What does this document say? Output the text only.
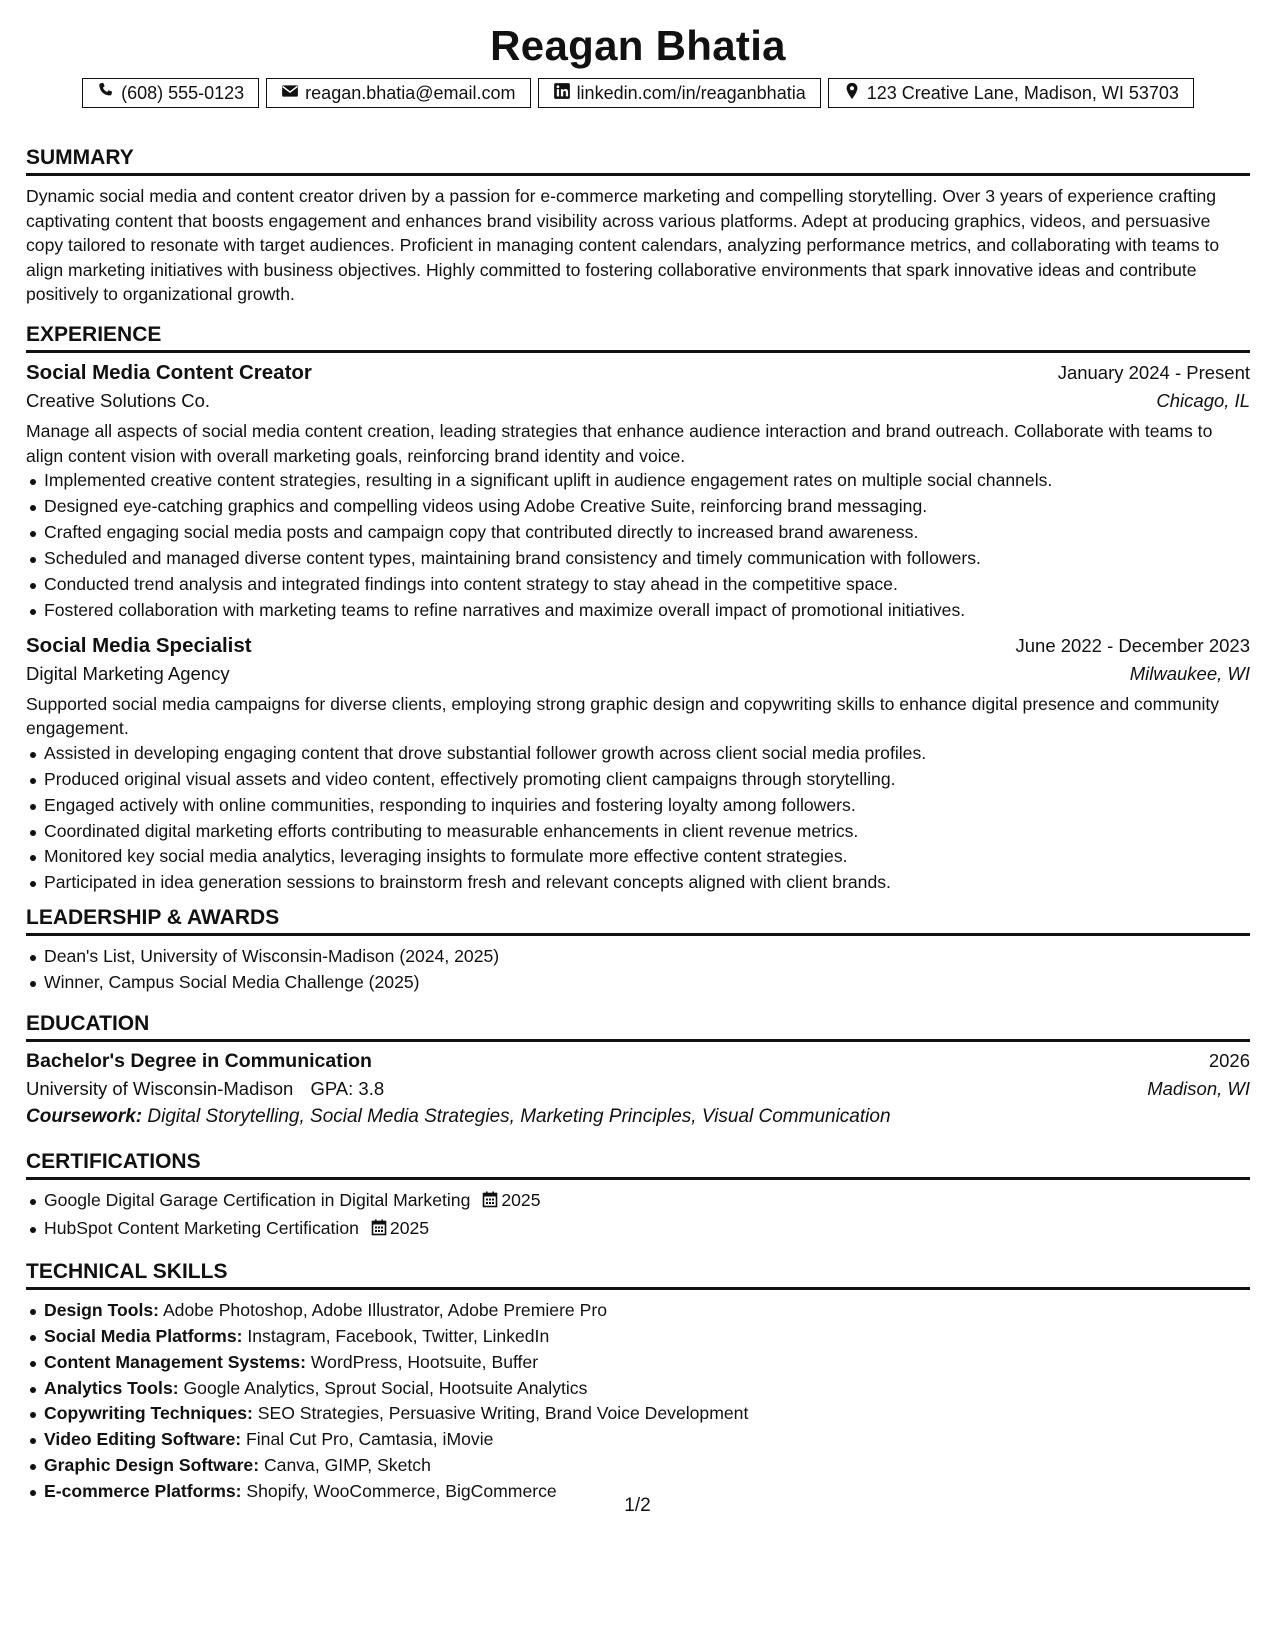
Reagan Bhatia
(608) 555-0123	reagan.bhatia@email.com	linkedin.com/in/reaganbhatia	123 Creative Lane, Madison, WI 53703
SUMMARY

Dynamic social media and content creator driven by a passion for e-commerce marketing and compelling storytelling. Over 3 years of experience crafting captivating content that boosts engagement and enhances brand visibility across various platforms. Adept at producing graphics, videos, and persuasive copy tailored to resonate with target audiences. Proficient in managing content calendars, analyzing performance metrics, and collaborating with teams to align marketing initiatives with business objectives. Highly committed to fostering collaborative environments that spark innovative ideas and contribute positively to organizational growth.

EXPERIENCE
Social Media Content Creator	January 2024 - Present
Creative Solutions Co.	Chicago, IL

Manage all aspects of social media content creation, leading strategies that enhance audience interaction and brand outreach. Collaborate with teams to align content vision with overall marketing goals, reinforcing brand identity and voice.

Implemented creative content strategies, resulting in a significant uplift in audience engagement rates on multiple social channels.
Designed eye-catching graphics and compelling videos using Adobe Creative Suite, reinforcing brand messaging.
Crafted engaging social media posts and campaign copy that contributed directly to increased brand awareness.
Scheduled and managed diverse content types, maintaining brand consistency and timely communication with followers.
Conducted trend analysis and integrated findings into content strategy to stay ahead in the competitive space.
Fostered collaboration with marketing teams to refine narratives and maximize overall impact of promotional initiatives.
Social Media Specialist	June 2022 - December 2023
Digital Marketing Agency	Milwaukee, WI

Supported social media campaigns for diverse clients, employing strong graphic design and copywriting skills to enhance digital presence and community engagement.

Assisted in developing engaging content that drove substantial follower growth across client social media profiles.
Produced original visual assets and video content, effectively promoting client campaigns through storytelling.
Engaged actively with online communities, responding to inquiries and fostering loyalty among followers.
Coordinated digital marketing efforts contributing to measurable enhancements in client revenue metrics.
Monitored key social media analytics, leveraging insights to formulate more effective content strategies.
Participated in idea generation sessions to brainstorm fresh and relevant concepts aligned with client brands.
LEADERSHIP & AWARDS
Dean's List, University of Wisconsin-Madison (2024, 2025)
Winner, Campus Social Media Challenge (2025)
EDUCATION
Bachelor's Degree in Communication	2026
University of Wisconsin-Madison GPA: 3.8	Madison, WI
Coursework: Digital Storytelling, Social Media Strategies, Marketing Principles, Visual Communication
CERTIFICATIONS
Google Digital Garage Certification in Digital Marketing 2025
HubSpot Content Marketing Certification 2025
TECHNICAL SKILLS
Design Tools: Adobe Photoshop, Adobe Illustrator, Adobe Premiere Pro
Social Media Platforms: Instagram, Facebook, Twitter, LinkedIn
Content Management Systems: WordPress, Hootsuite, Buffer
Analytics Tools: Google Analytics, Sprout Social, Hootsuite Analytics
Copywriting Techniques: SEO Strategies, Persuasive Writing, Brand Voice Development
Video Editing Software: Final Cut Pro, Camtasia, iMovie
Graphic Design Software: Canva, GIMP, Sketch
E-commerce Platforms: Shopify, WooCommerce, BigCommerce
1/2
